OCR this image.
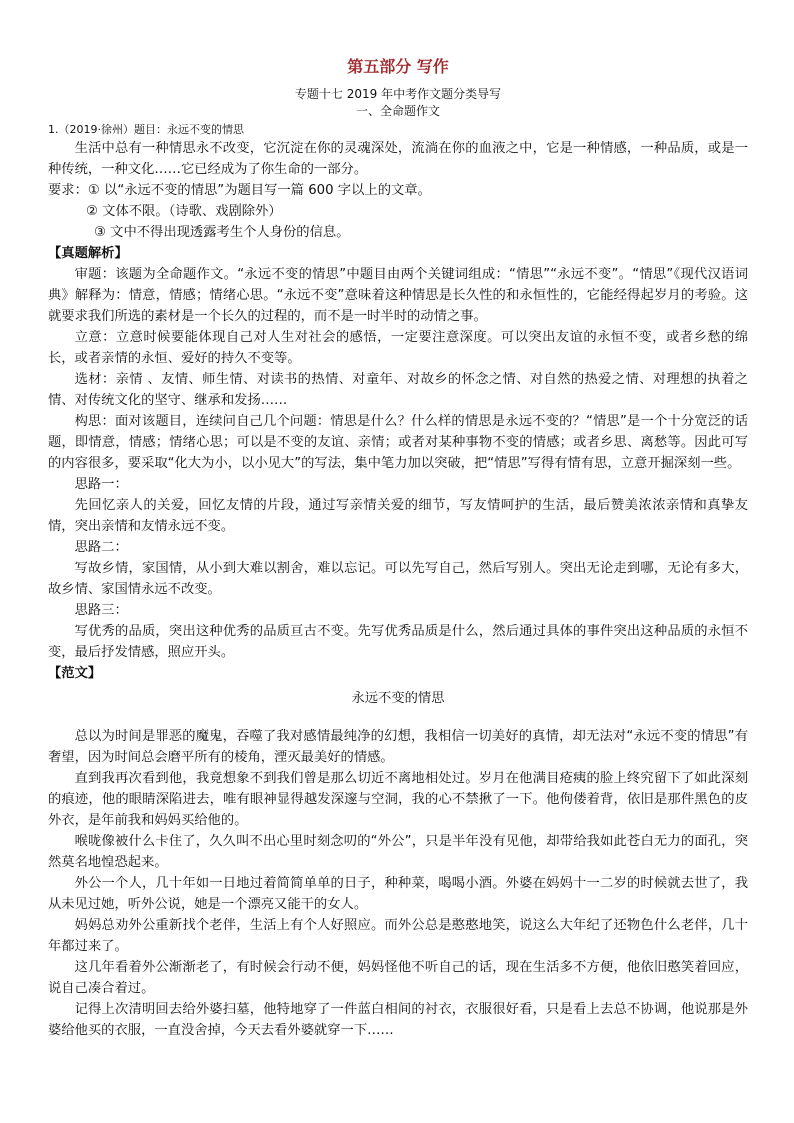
第五部分 写作
专题十七 2019 年中考作文题分类导写
一、全命题作文
1.（2019·徐州）题目：永远不变的情思

生活中总有一种情思永不改变，它沉淀在你的灵魂深处，流淌在你的血液之中，它是一种情感，一种品质，或是一种传统，一种文化……它已经成为了你生命的一部分。

要求：① 以“永远不变的情思”为题目写一篇 600 字以上的文章。
② 文体不限。（诗歌、戏剧除外）
③ 文中不得出现透露考生个人身份的信息。
【真题解析】

审题：该题为全命题作文。“永远不变的情思”中题目由两个关键词组成：“情思”“永远不变”。“情思”《现代汉语词典》解释为：情意，情感；情绪心思。“永远不变”意味着这种情思是长久性的和永恒性的，它能经得起岁月的考验。这就要求我们所选的素材是一个长久的过程的，而不是一时半时的动情之事。

立意：立意时候要能体现自己对人生对社会的感悟，一定要注意深度。可以突出友谊的永恒不变，或者乡愁的绵长，或者亲情的永恒、爱好的持久不变等。

选材：亲情 、友情、师生情、对读书的热情、对童年、对故乡的怀念之情、对自然的热爱之情、对理想的执着之情、对传统文化的坚守、继承和发扬……

构思：面对该题目，连续问自己几个问题：情思是什么？什么样的情思是永远不变的？“情思”是一个十分宽泛的话题，即情意，情感；情绪心思；可以是不变的友谊、亲情；或者对某种事物不变的情感；或者乡思、离愁等。因此可写的内容很多，要采取“化大为小，以小见大”的写法，集中笔力加以突破，把“情思”写得有情有思，立意开掘深刻一些。

思路一：

先回忆亲人的关爱，回忆友情的片段，通过写亲情关爱的细节，写友情呵护的生活，最后赞美浓浓亲情和真挚友情，突出亲情和友情永远不变。

思路二：

写故乡情，家国情，从小到大难以割舍，难以忘记。可以先写自己，然后写别人。突出无论走到哪，无论有多大，故乡情、家国情永远不改变。

思路三：

写优秀的品质，突出这种优秀的品质亘古不变。先写优秀品质是什么，然后通过具体的事件突出这种品质的永恒不变，最后抒发情感，照应开头。

【范文】
永远不变的情思

总以为时间是罪恶的魔鬼，吞噬了我对感情最纯净的幻想，我相信一切美好的真情，却无法对“永远不变的情思”有奢望，因为时间总会磨平所有的棱角，湮灭最美好的情感。

直到我再次看到他，我竟想象不到我们曾是那么切近不离地相处过。岁月在他满目疮痍的脸上终究留下了如此深刻的痕迹，他的眼睛深陷进去，唯有眼神显得越发深邃与空洞，我的心不禁揪了一下。他佝偻着背，依旧是那件黑色的皮外衣，是年前我和妈妈买给他的。

喉咙像被什么卡住了，久久叫不出心里时刻念叨的“外公”，只是半年没有见他，却带给我如此苍白无力的面孔，突然莫名地惶恐起来。

外公一个人，几十年如一日地过着简简单单的日子，种种菜，喝喝小酒。外婆在妈妈十一二岁的时候就去世了，我从未见过她，听外公说，她是一个漂亮又能干的女人。

妈妈总劝外公重新找个老伴，生活上有个人好照应。而外公总是憨憨地笑，说这么大年纪了还物色什么老伴，几十年都过来了。

这几年看着外公渐渐老了，有时候会行动不便，妈妈怪他不听自己的话，现在生活多不方便，他依旧憨笑着回应，说自己凑合着过。

记得上次清明回去给外婆扫墓，他特地穿了一件蓝白相间的衬衣，衣服很好看，只是看上去总不协调，他说那是外婆给他买的衣服，一直没舍掉，今天去看外婆就穿一下……
